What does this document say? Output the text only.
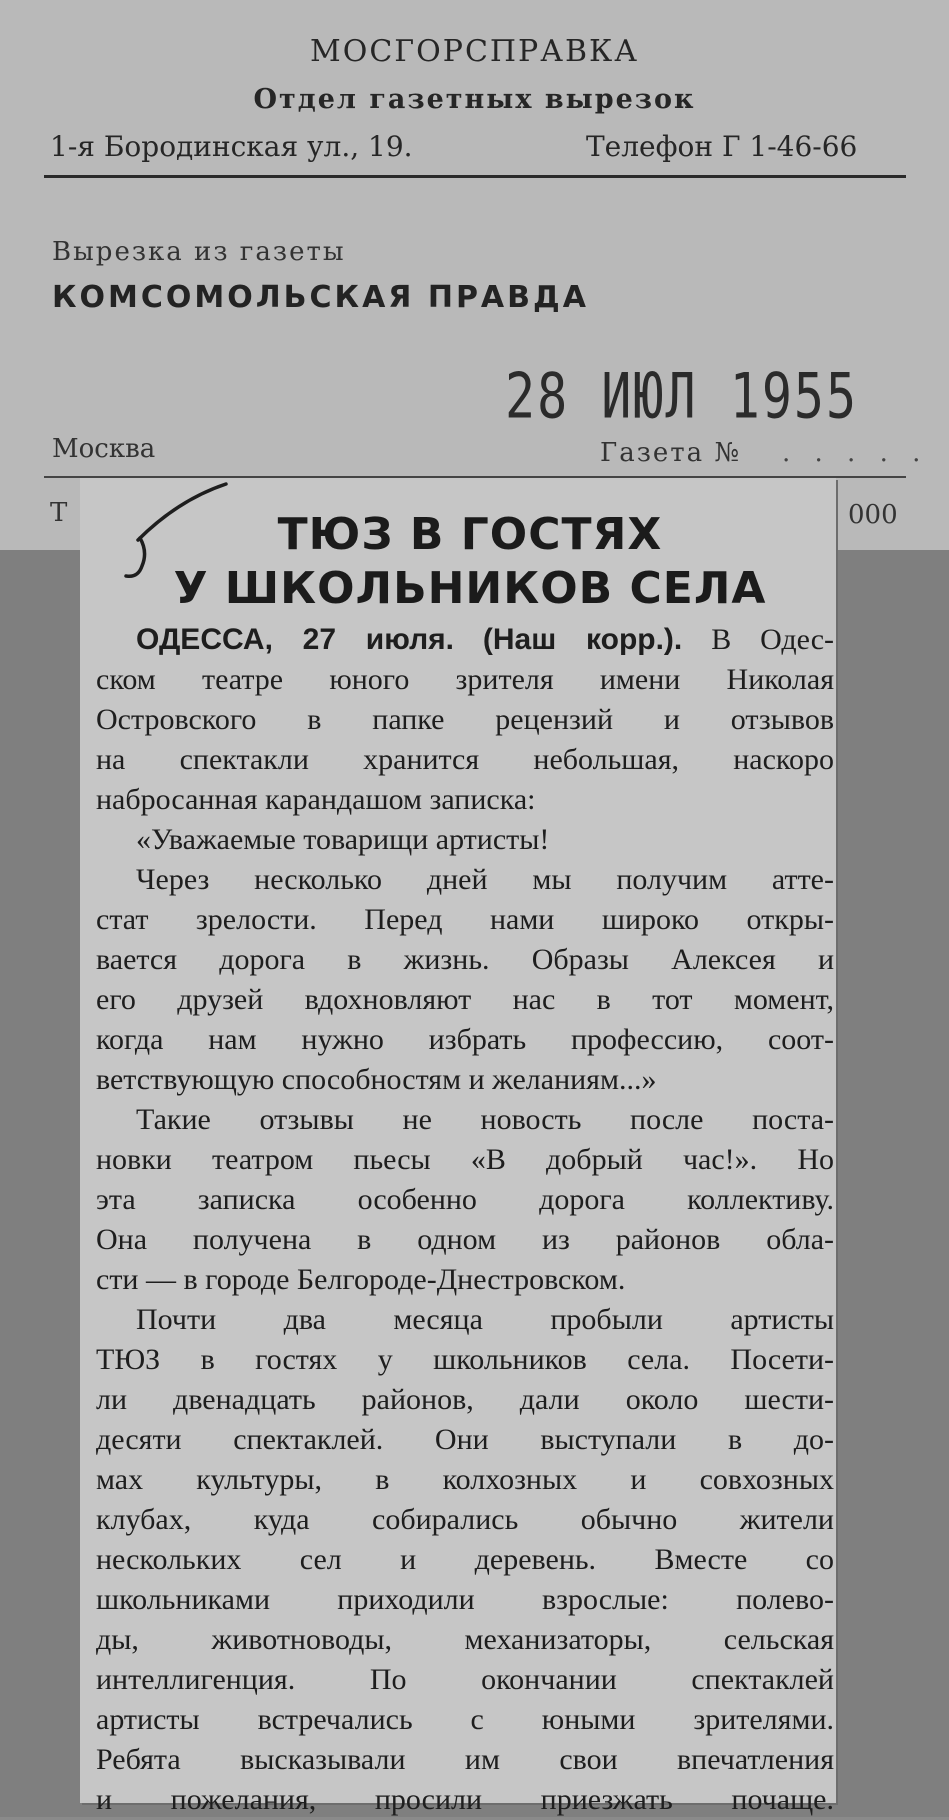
МОСГОРСПРАВКА
Отдел газетных вырезок
1-я Бородинская ул., 19.	Телефон Г 1-46-66
Вырезка из газеты
КОМСОМОЛЬСКАЯ ПРАВДА
28 ИЮЛ 1955
Москва	Газета № . . . . .
Т	000
ТЮЗ В ГОСТЯХ
У ШКОЛЬНИКОВ СЕЛА
ОДЕССА, 27 июля. (Наш корр.). В Одес-
ском театре юного зрителя имени Николая
Островского в папке рецензий и отзывов
на спектакли хранится небольшая, наскоро
набросанная карандашом записка:
«Уважаемые товарищи артисты!
Через несколько дней мы получим атте-
стат зрелости. Перед нами широко откры-
вается дорога в жизнь. Образы Алексея и
его друзей вдохновляют нас в тот момент,
когда нам нужно избрать профессию, соот-
ветствующую способностям и желаниям...»
Такие отзывы не новость после поста-
новки театром пьесы «В добрый час!». Но
эта записка особенно дорога коллективу.
Она получена в одном из районов обла-
сти — в городе Белгороде-Днестровском.
Почти два месяца пробыли артисты
ТЮЗ в гостях у школьников села. Посети-
ли двенадцать районов, дали около шести-
десяти спектаклей. Они выступали в до-
мах культуры, в колхозных и совхозных
клубах, куда собирались обычно жители
нескольких сел и деревень. Вместе со
школьниками приходили взрослые: полево-
ды, животноводы, механизаторы, сельская
интеллигенция. По окончании спектаклей
артисты встречались с юными зрителями.
Ребята высказывали им свои впечатления
и пожелания, просили приезжать почаще.
